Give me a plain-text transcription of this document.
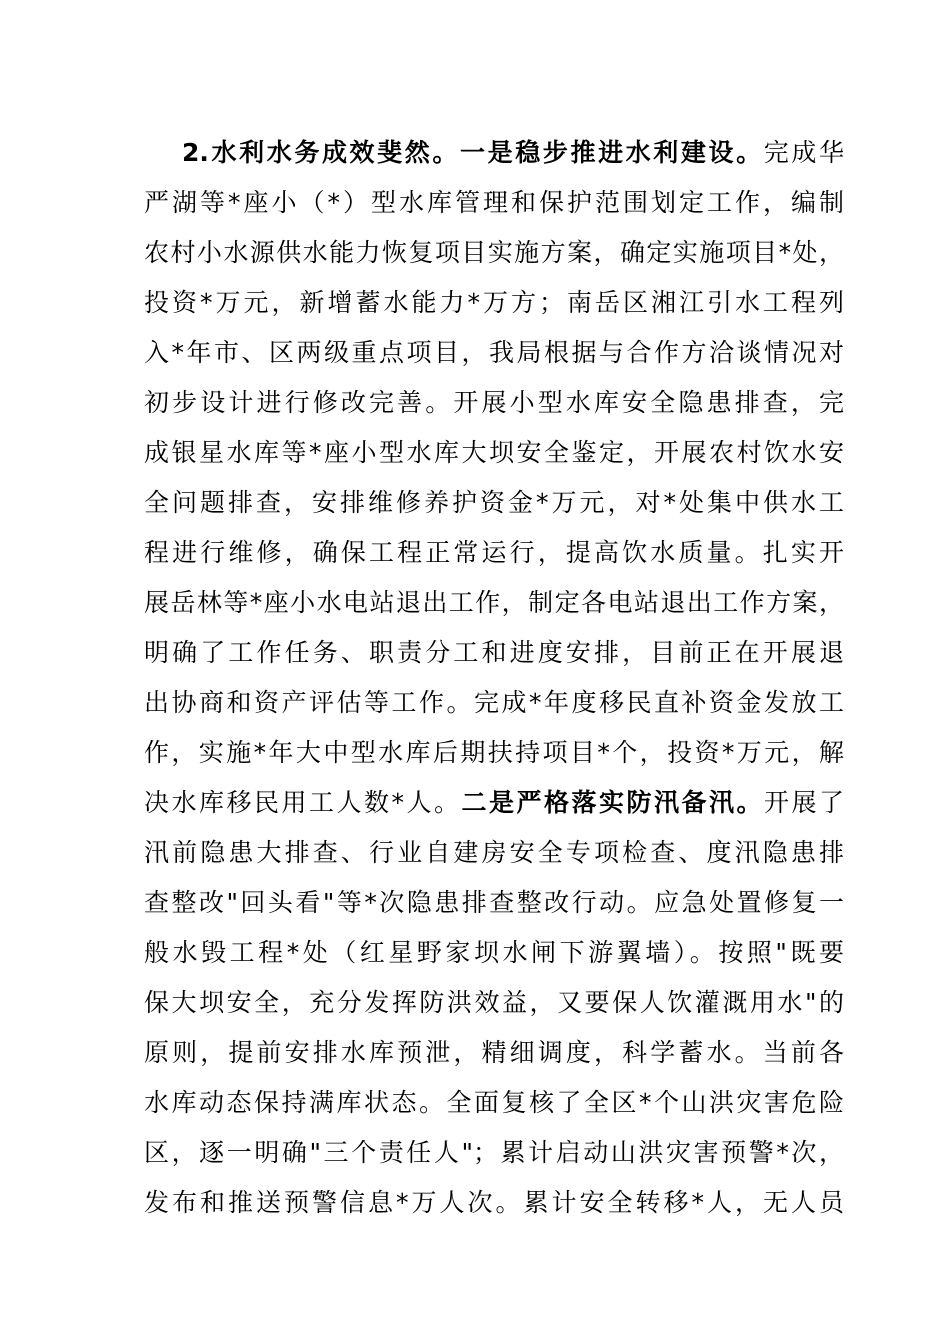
2.水利水务成效斐然。一是稳步推进水利建设。完成华
严湖等*座小（*）型水库管理和保护范围划定工作，编制
农村小水源供水能力恢复项目实施方案，确定实施项目*处，
投资*万元，新增蓄水能力*万方；南岳区湘江引水工程列
入*年市、区两级重点项目，我局根据与合作方洽谈情况对
初步设计进行修改完善。开展小型水库安全隐患排查，完
成银星水库等*座小型水库大坝安全鉴定，开展农村饮水安
全问题排查，安排维修养护资金*万元，对*处集中供水工
程进行维修，确保工程正常运行，提高饮水质量。扎实开
展岳林等*座小水电站退出工作，制定各电站退出工作方案，
明确了工作任务、职责分工和进度安排，目前正在开展退
出协商和资产评估等工作。完成*年度移民直补资金发放工
作，实施*年大中型水库后期扶持项目*个，投资*万元，解
决水库移民用工人数*人。二是严格落实防汛备汛。开展了
汛前隐患大排查、行业自建房安全专项检查、度汛隐患排
查整改"回头看"等*次隐患排查整改行动。应急处置修复一
般水毁工程*处（红星野家坝水闸下游翼墙）。按照"既要
保大坝安全，充分发挥防洪效益，又要保人饮灌溉用水"的
原则，提前安排水库预泄，精细调度，科学蓄水。当前各
水库动态保持满库状态。全面复核了全区*个山洪灾害危险
区，逐一明确"三个责任人"；累计启动山洪灾害预警*次，
发布和推送预警信息*万人次。累计安全转移*人，无人员
